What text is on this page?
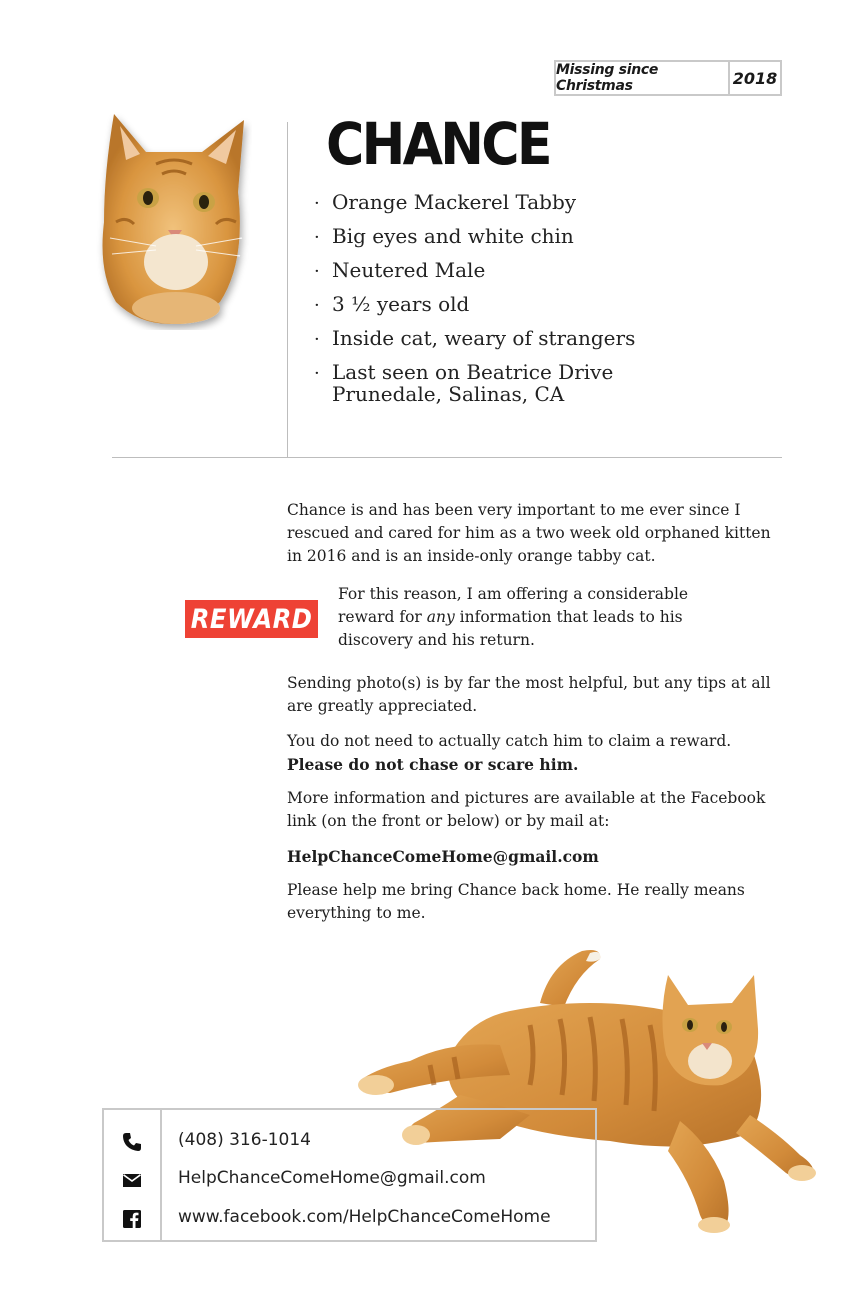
Missing since Christmas	2018
CHANCE
· Orange Mackerel Tabby
· Big eyes and white chin
· Neutered Male
· 3 ½ years old
· Inside cat, weary of strangers
· Last seen on Beatrice Drive
Prunedale, Salinas, CA

Chance is and has been very important to me ever since I rescued and cared for him as a two week old orphaned kitten in 2016 and is an inside-only orange tabby cat.

REWARD

For this reason, I am offering a considerable reward for any information that leads to his discovery and his return.

Sending photo(s) is by far the most helpful, but any tips at all are greatly appreciated.

You do not need to actually catch him to claim a reward.
Please do not chase or scare him.

More information and pictures are available at the Facebook link (on the front or below) or by mail at:

HelpChanceComeHome@gmail.com

Please help me bring Chance back home. He really means everything to me.

(408) 316-1014
HelpChanceComeHome@gmail.com
www.facebook.com/HelpChanceComeHome
